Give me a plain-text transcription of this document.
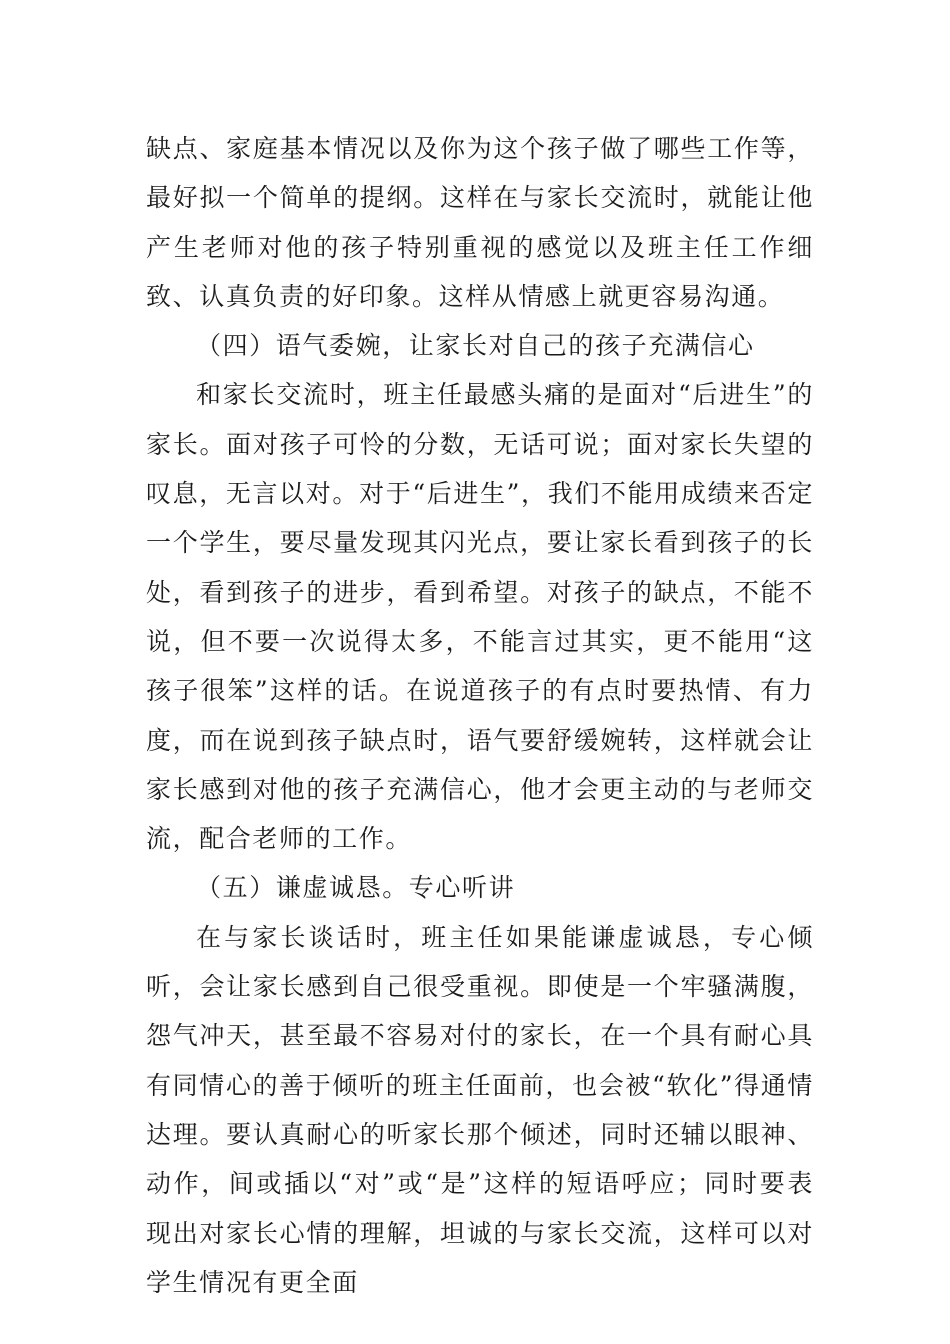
缺点、家庭基本情况以及你为这个孩子做了哪些工作等，最好拟一个简单的提纲。这样在与家长交流时，就能让他产生老师对他的孩子特别重视的感觉以及班主任工作细致、认真负责的好印象。这样从情感上就更容易沟通。

（四）语气委婉，让家长对自己的孩子充满信心

和家长交流时，班主任最感头痛的是面对“后进生”的家长。面对孩子可怜的分数，无话可说；面对家长失望的叹息，无言以对。对于“后进生”，我们不能用成绩来否定一个学生，要尽量发现其闪光点，要让家长看到孩子的长处，看到孩子的进步，看到希望。对孩子的缺点，不能不说，但不要一次说得太多，不能言过其实，更不能用“这孩子很笨”这样的话。在说道孩子的有点时要热情、有力度，而在说到孩子缺点时，语气要舒缓婉转，这样就会让家长感到对他的孩子充满信心，他才会更主动的与老师交流，配合老师的工作。

（五）谦虚诚恳。专心听讲

在与家长谈话时，班主任如果能谦虚诚恳，专心倾听，会让家长感到自己很受重视。即使是一个牢骚满腹，怨气冲天，甚至最不容易对付的家长，在一个具有耐心具有同情心的善于倾听的班主任面前，也会被“软化”得通情达理。要认真耐心的听家长那个倾述，同时还辅以眼神、动作，间或插以“对”或“是”这样的短语呼应；同时要表现出对家长心情的理解，坦诚的与家长交流，这样可以对学生情况有更全面
